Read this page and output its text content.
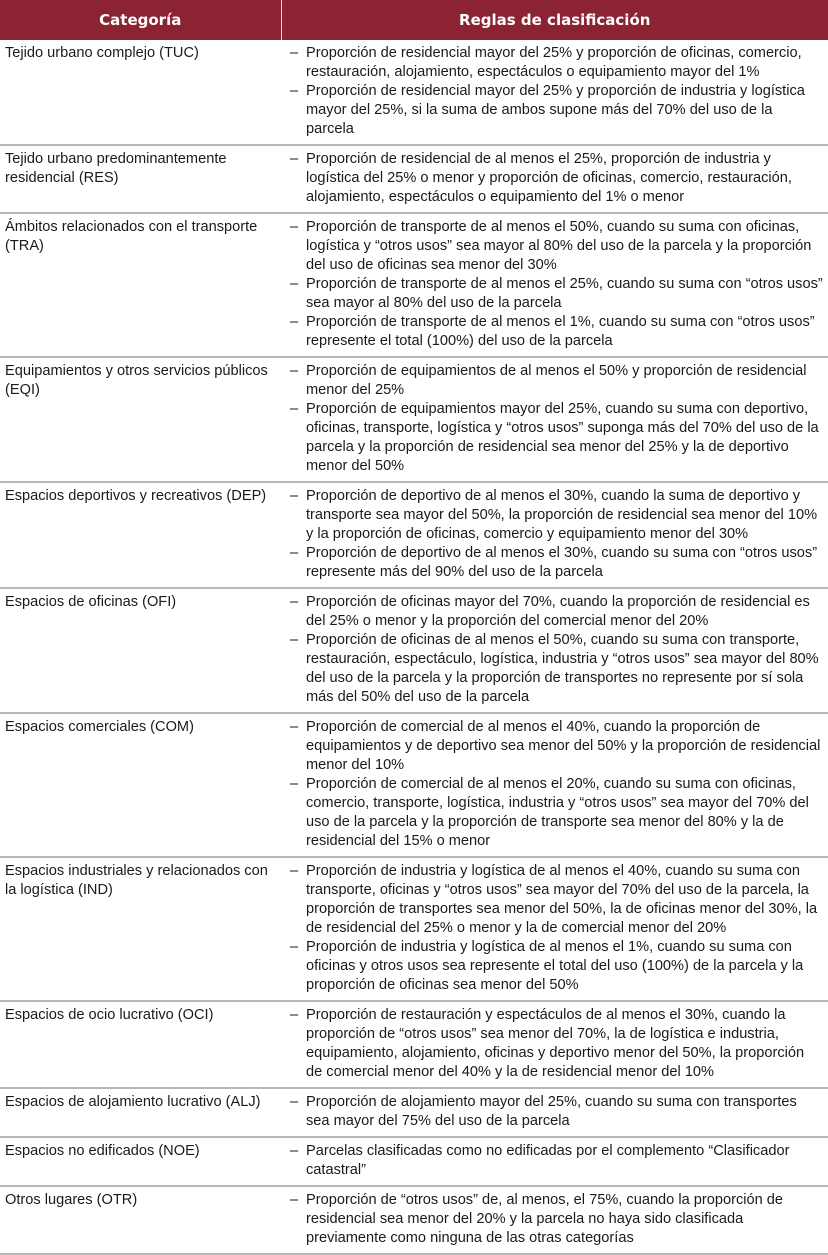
Categoría	Reglas de clasificación
Tejido urbano complejo (TUC)	– Proporción de residencial mayor del 25% y proporción de oficinas, comercio, restauración, alojamiento, espectáculos o equipamiento mayor del 1%
– Proporción de residencial mayor del 25% y proporción de industria y logística mayor del 25%, si la suma de ambos supone más del 70% del uso de la parcela

Tejido urbano predominantemente residencial (RES)	
– Proporción de residencial de al menos el 25%, proporción de industria y logística del 25% o menor y proporción de oficinas, comercio, restauración, alojamiento, espectáculos o equipamiento del 1% o menor

Ámbitos relacionados con el transporte (TRA)	
– Proporción de transporte de al menos el 50%, cuando su suma con oficinas, logística y “otros usos” sea mayor al 80% del uso de la parcela y la proporción del uso de oficinas sea menor del 30%
– Proporción de transporte de al menos el 25%, cuando su suma con “otros usos” sea mayor al 80% del uso de la parcela
– Proporción de transporte de al menos el 1%, cuando su suma con “otros usos” represente el total (100%) del uso de la parcela

Equipamientos y otros servicios públicos (EQI)	
– Proporción de equipamientos de al menos el 50% y proporción de residencial menor del 25%
– Proporción de equipamientos mayor del 25%, cuando su suma con deportivo, oficinas, transporte, logística y “otros usos” suponga más del 70% del uso de la parcela y la proporción de residencial sea menor del 25% y la de deportivo menor del 50%

Espacios deportivos y recreativos (DEP)	– Proporción de deportivo de al menos el 30%, cuando la suma de deportivo y transporte sea mayor del 50%, la proporción de residencial sea menor del 10% y la proporción de oficinas, comercio y equipamiento menor del 30%
– Proporción de deportivo de al menos el 30%, cuando su suma con “otros usos” represente más del 90% del uso de la parcela

Espacios de oficinas (OFI)	– Proporción de oficinas mayor del 70%, cuando la proporción de residencial es del 25% o menor y la proporción del comercial menor del 20%
– Proporción de oficinas de al menos el 50%, cuando su suma con transporte, restauración, espectáculo, logística, industria y “otros usos” sea mayor del 80% del uso de la parcela y la proporción de transportes no represente por sí sola más del 50% del uso de la parcela

Espacios comerciales (COM)	– Proporción de comercial de al menos el 40%, cuando la proporción de equipamientos y de deportivo sea menor del 50% y la proporción de residencial menor del 10%
– Proporción de comercial de al menos el 20%, cuando su suma con oficinas, comercio, transporte, logística, industria y “otros usos” sea mayor del 70% del uso de la parcela y la proporción de transporte sea menor del 80% y la de residencial del 15% o menor

Espacios industriales y relacionados con la logística (IND)	
– Proporción de industria y logística de al menos el 40%, cuando su suma con transporte, oficinas y “otros usos” sea mayor del 70% del uso de la parcela, la proporción de transportes sea menor del 50%, la de oficinas menor del 30%, la de residencial del 25% o menor y la de comercial menor del 20%
– Proporción de industria y logística de al menos el 1%, cuando su suma con oficinas y otros usos sea represente el total del uso (100%) de la parcela y la proporción de oficinas sea menor del 50%

Espacios de ocio lucrativo (OCI)	– Proporción de restauración y espectáculos de al menos el 30%, cuando la proporción de “otros usos” sea menor del 70%, la de logística e industria, equipamiento, alojamiento, oficinas y deportivo menor del 50%, la proporción de comercial menor del 40% y la de residencial menor del 10%

Espacios de alojamiento lucrativo (ALJ)	– Proporción de alojamiento mayor del 25%, cuando su suma con transportes sea mayor del 75% del uso de la parcela

Espacios no edificados (NOE)	– Parcelas clasificadas como no edificadas por el complemento “Clasificador catastral”

Otros lugares (OTR)	– Proporción de “otros usos” de, al menos, el 75%, cuando la proporción de residencial sea menor del 20% y la parcela no haya sido clasificada previamente como ninguna de las otras categorías
